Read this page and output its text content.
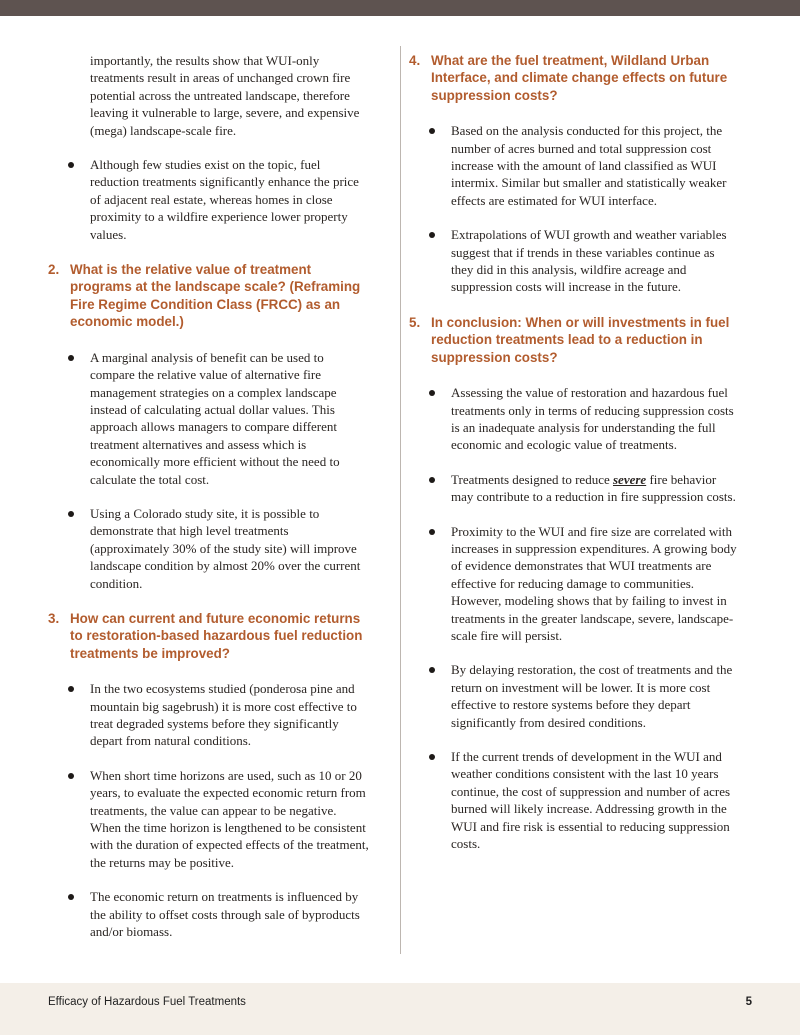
importantly, the results show that WUI-only treatments result in areas of unchanged crown fire potential across the untreated landscape, therefore leaving it vulnerable to large, severe, and expensive (mega) landscape-scale fire.

Although few studies exist on the topic, fuel reduction treatments significantly enhance the price of adjacent real estate, whereas homes in close proximity to a wildfire experience lower property values.
2. What is the relative value of treatment programs at the landscape scale? (Reframing Fire Regime Condition Class (FRCC) as an economic model.)
A marginal analysis of benefit can be used to compare the relative value of alternative fire management strategies on a complex landscape instead of calculating actual dollar values. This approach allows managers to compare different treatment alternatives and assess which is economically more efficient without the need to calculate the total cost.
Using a Colorado study site, it is possible to demonstrate that high level treatments (approximately 30% of the study site) will improve landscape condition by almost 20% over the current condition.
3. How can current and future economic returns to restoration-based hazardous fuel reduction treatments be improved?
In the two ecosystems studied (ponderosa pine and mountain big sagebrush) it is more cost effective to treat degraded systems before they significantly depart from natural conditions.
When short time horizons are used, such as 10 or 20 years, to evaluate the expected economic return from treatments, the value can appear to be negative. When the time horizon is lengthened to be consistent with the duration of expected effects of the treatment, the returns may be positive.
The economic return on treatments is influenced by the ability to offset costs through sale of byproducts and/or biomass.
4. What are the fuel treatment, Wildland Urban Interface, and climate change effects on future suppression costs?
Based on the analysis conducted for this project, the number of acres burned and total suppression cost increase with the amount of land classified as WUI intermix. Similar but smaller and statistically weaker effects are estimated for WUI interface.
Extrapolations of WUI growth and weather variables suggest that if trends in these variables continue as they did in this analysis, wildfire acreage and suppression costs will increase in the future.
5. In conclusion: When or will investments in fuel reduction treatments lead to a reduction in suppression costs?
Assessing the value of restoration and hazardous fuel treatments only in terms of reducing suppression costs is an inadequate analysis for understanding the full economic and ecologic value of treatments.
Treatments designed to reduce severe fire behavior may contribute to a reduction in fire suppression costs.
Proximity to the WUI and fire size are correlated with increases in suppression expenditures. A growing body of evidence demonstrates that WUI treatments are effective for reducing damage to communities. However, modeling shows that by failing to invest in treatments in the greater landscape, severe, landscape-scale fire will persist.
By delaying restoration, the cost of treatments and the return on investment will be lower. It is more cost effective to restore systems before they depart significantly from desired conditions.
If the current trends of development in the WUI and weather conditions consistent with the last 10 years continue, the cost of suppression and number of acres burned will likely increase. Addressing growth in the WUI and fire risk is essential to reducing suppression costs.
Efficacy of Hazardous Fuel Treatments	5
